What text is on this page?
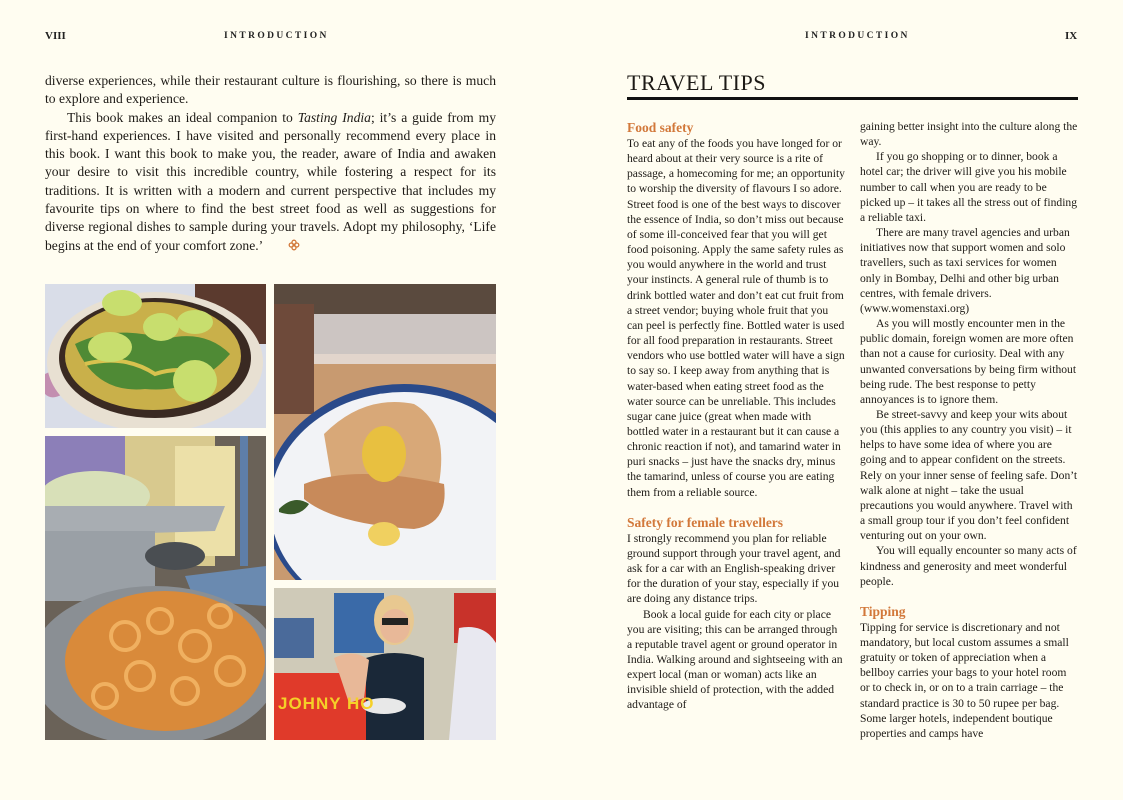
VIII	INTRODUCTION

diverse experiences, while their restaurant culture is flourishing, so there is much to explore and experience.

This book makes an ideal companion to Tasting India; it’s a guide from my first-hand experiences. I have visited and personally recommend every place in this book. I want this book to make you, the reader, aware of India and awaken your desire to visit this incredible country, while fostering a respect for its traditions. It is written with a modern and current perspective that includes my favourite tips on where to find the best street food as well as suggestions for diverse regional dishes to sample during your travels. Adopt my philosophy, ‘Life begins at the end of your comfort zone.’

JOHNY HO
INTRODUCTION	IX
TRAVEL TIPS
Food safety

To eat any of the foods you have longed for or heard about at their very source is a rite of passage, a homecoming for me; an opportunity to worship the diversity of flavours I so adore. Street food is one of the best ways to discover the essence of India, so don’t miss out because of some ill-conceived fear that you will get food poisoning. Apply the same safety rules as you would anywhere in the world and trust your instincts. A general rule of thumb is to drink bottled water and don’t eat cut fruit from a street vendor; buying whole fruit that you can peel is perfectly fine. Bottled water is used for all food preparation in restaurants. Street vendors who use bottled water will have a sign to say so. I keep away from anything that is water-based when eating street food as the water source can be unreliable. This includes sugar cane juice (great when made with bottled water in a restaurant but it can cause a chronic reaction if not), and tamarind water in puri snacks – just have the snacks dry, minus the tamarind, unless of course you are eating them from a reliable source.

Safety for female travellers

I strongly recommend you plan for reliable ground support through your travel agent, and ask for a car with an English-speaking driver for the duration of your stay, especially if you are doing any distance trips.

Book a local guide for each city or place you are visiting; this can be arranged through a reputable travel agent or ground operator in India. Walking around and sightseeing with an expert local (man or woman) acts like an invisible shield of protection, with the added advantage of

gaining better insight into the culture along the way.

If you go shopping or to dinner, book a hotel car; the driver will give you his mobile number to call when you are ready to be picked up – it takes all the stress out of finding a reliable taxi.

There are many travel agencies and urban initiatives now that support women and solo travellers, such as taxi services for women only in Bombay, Delhi and other big urban centres, with female drivers. (www.womenstaxi.org)

As you will mostly encounter men in the public domain, foreign women are more often than not a cause for curiosity. Deal with any unwanted conversations by being firm without being rude. The best response to petty annoyances is to ignore them.

Be street-savvy and keep your wits about you (this applies to any country you visit) – it helps to have some idea of where you are going and to appear confident on the streets. Rely on your inner sense of feeling safe. Don’t walk alone at night – take the usual precautions you would anywhere. Travel with a small group tour if you don’t feel confident venturing out on your own.

You will equally encounter so many acts of kindness and generosity and meet wonderful people.

Tipping

Tipping for service is discretionary and not mandatory, but local custom assumes a small gratuity or token of appreciation when a bellboy carries your bags to your hotel room or to check in, or on to a train carriage – the standard practice is 30 to 50 rupee per bag. Some larger hotels, independent boutique properties and camps have
